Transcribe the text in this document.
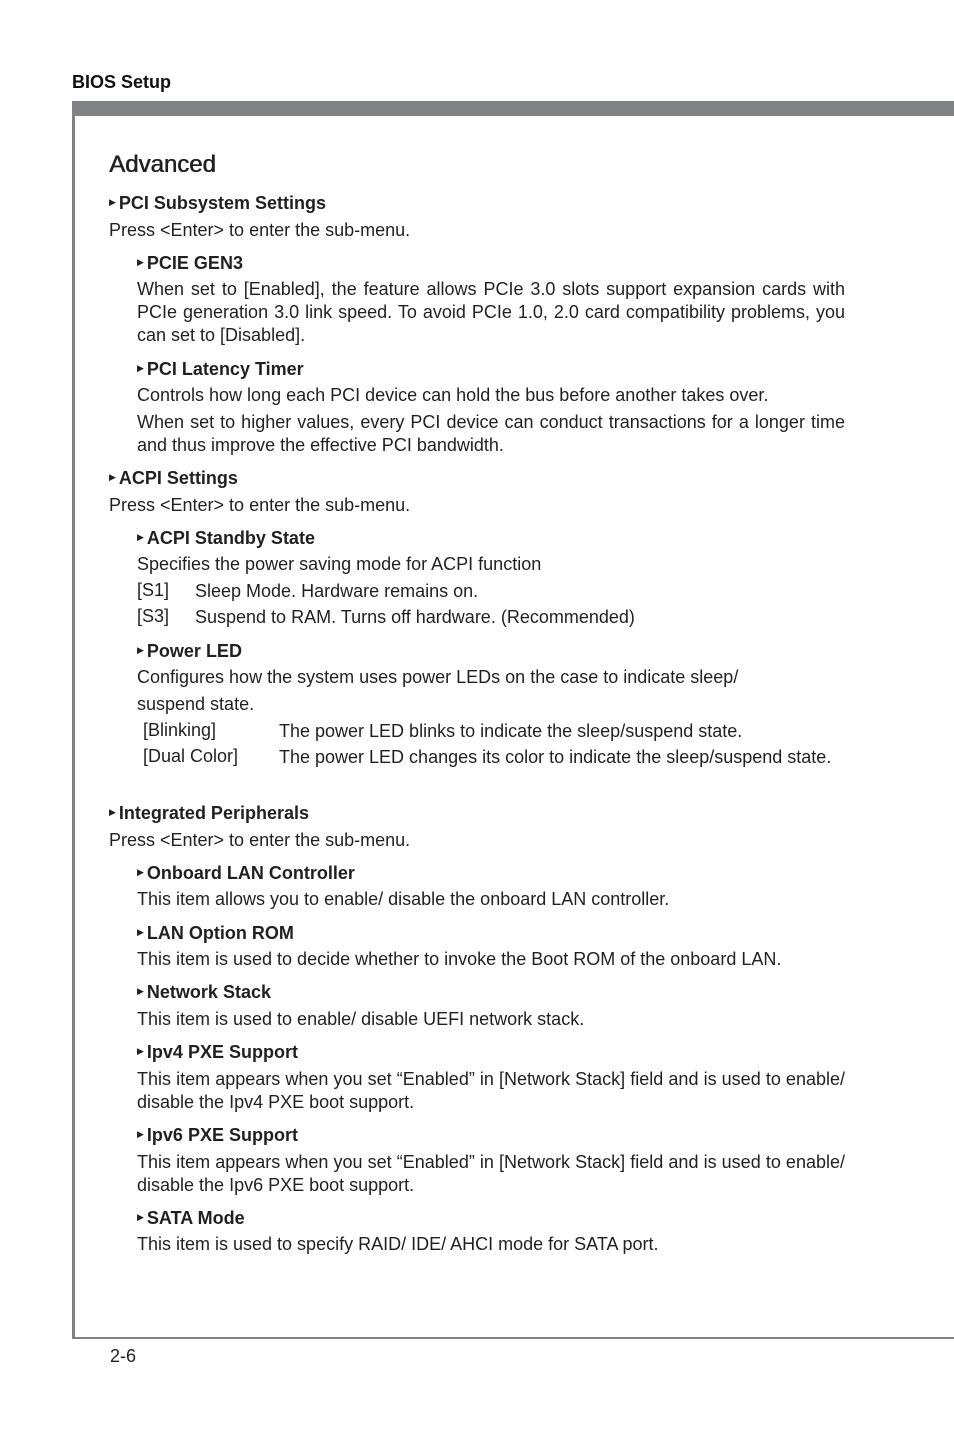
BIOS Setup
2-6
Advanced
▶ PCI Subsystem Settings
Press <Enter> to enter the sub-menu.
▶ PCIE GEN3
When set to [Enabled], the feature allows PCIe 3.0 slots support expansion cards with PCIe generation 3.0 link speed. To avoid PCIe 1.0, 2.0 card compatibility problems, you can set to [Disabled].
▶ PCI Latency Timer
Controls how long each PCI device can hold the bus before another takes over.
When set to higher values, every PCI device can conduct transactions for a longer time and thus improve the effective PCI bandwidth.
▶ ACPI Settings
Press <Enter> to enter the sub-menu.
▶ ACPI Standby State
Specifies the power saving mode for ACPI function
[S1] Sleep Mode. Hardware remains on.
[S3] Suspend to RAM. Turns off hardware. (Recommended)
▶ Power LED
Configures how the system uses power LEDs on the case to indicate sleep/
suspend state.
[Blinking]	The power LED blinks to indicate the sleep/suspend state.
[Dual Color] The power LED changes its color to indicate the sleep/suspend state.
▶ Integrated Peripherals
Press <Enter> to enter the sub-menu.
▶ Onboard LAN Controller
This item allows you to enable/ disable the onboard LAN controller.
▶ LAN Option ROM
This item is used to decide whether to invoke the Boot ROM of the onboard LAN.
▶ Network Stack
This item is used to enable/ disable UEFI network stack.
▶ Ipv4 PXE Support
This item appears when you set “Enabled” in [Network Stack] field and is used to enable/ disable the Ipv4 PXE boot support.
▶ Ipv6 PXE Support
This item appears when you set “Enabled” in [Network Stack] field and is used to enable/ disable the Ipv6 PXE boot support.
▶ SATA Mode
This item is used to specify RAID/ IDE/ AHCI mode for SATA port.
